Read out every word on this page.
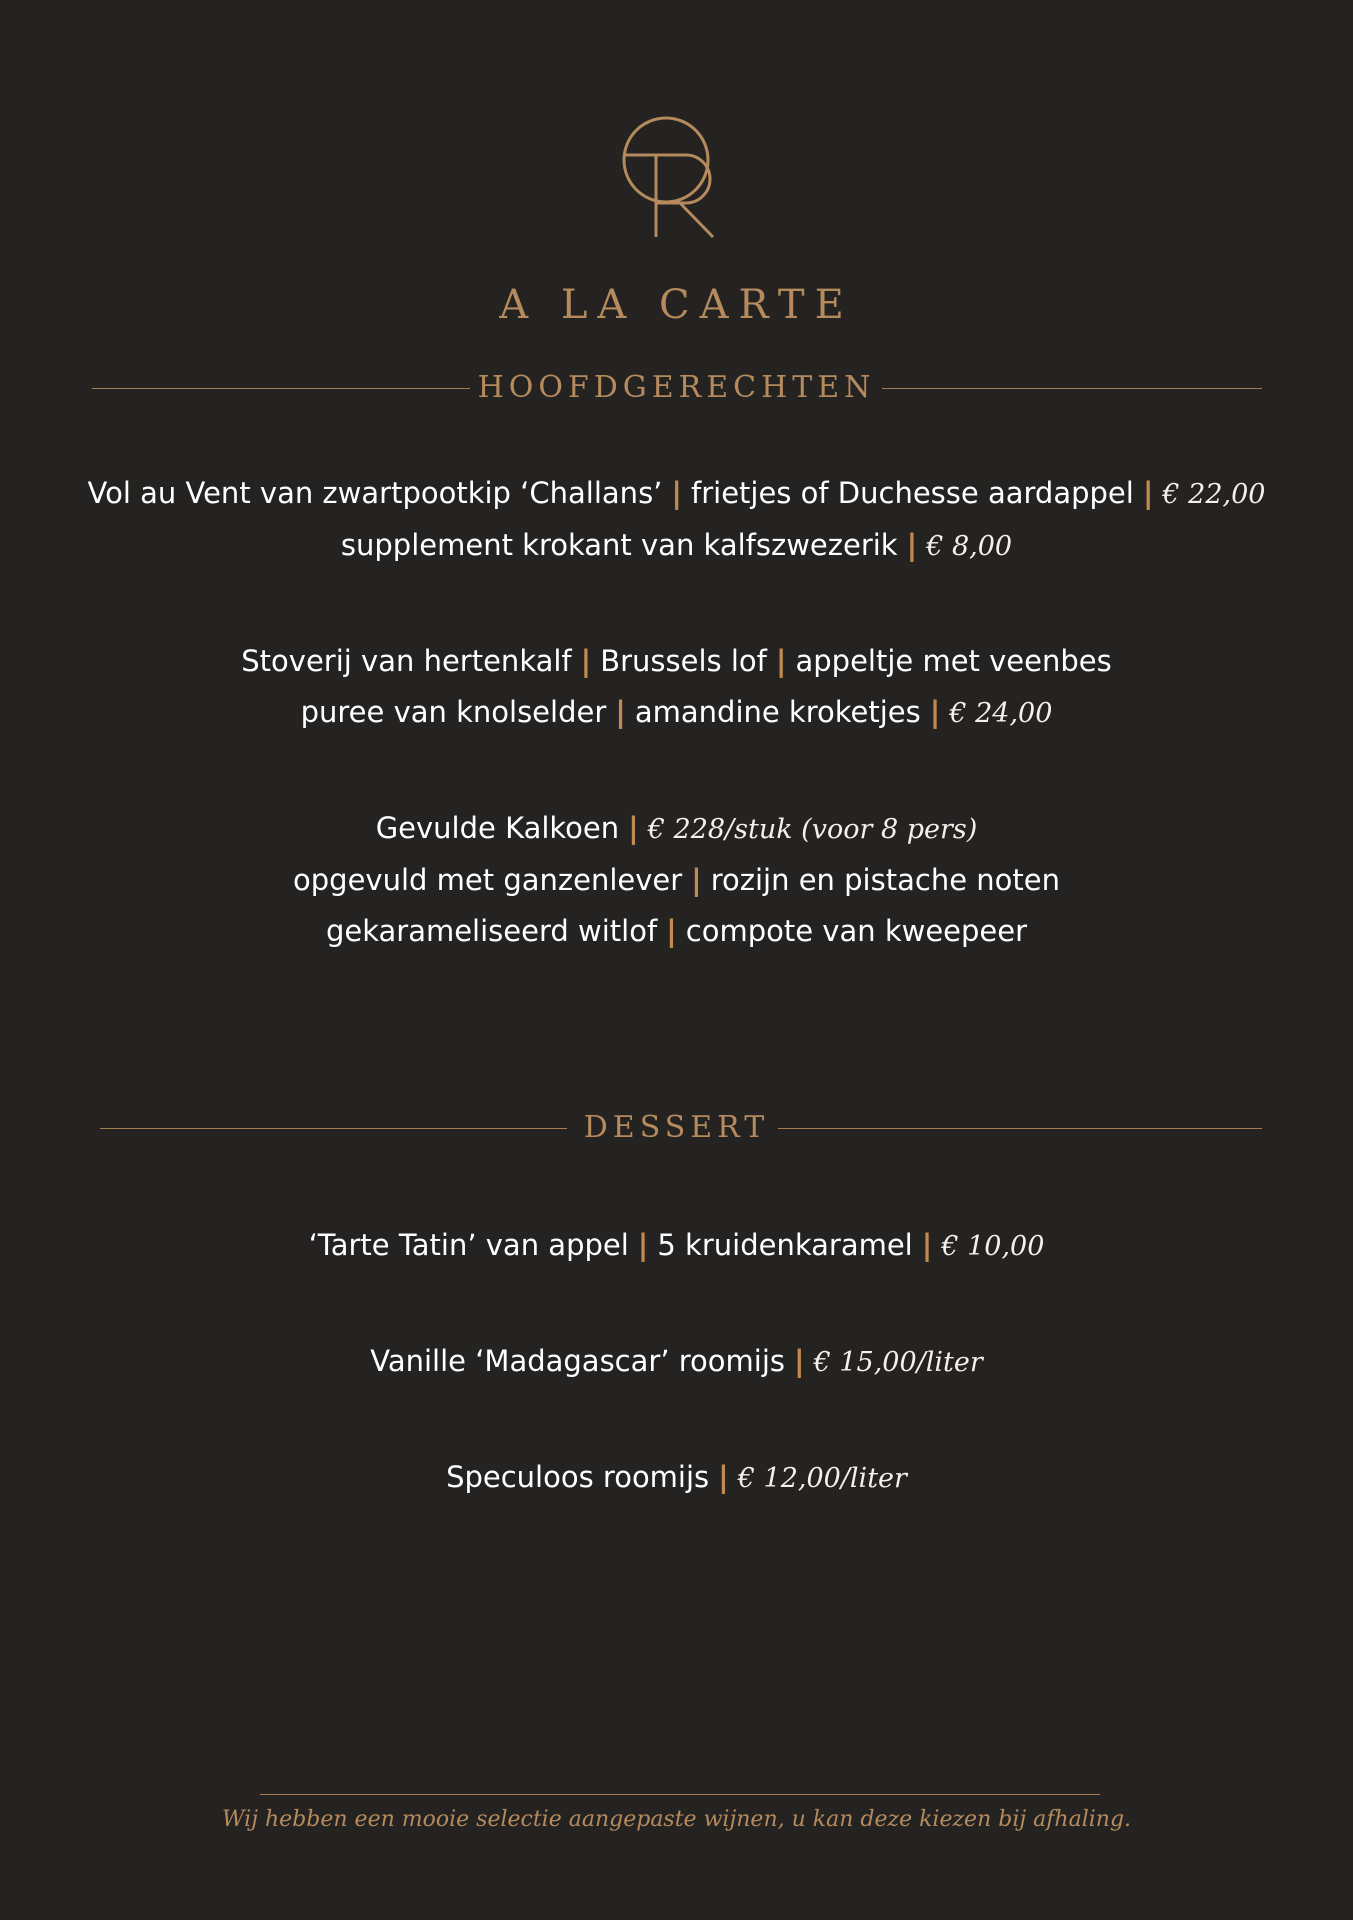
A LA CARTE
HOOFDGERECHTEN
Vol au Vent van zwartpootkip ‘Challans’ | frietjes of Duchesse aardappel | € 22,00
supplement krokant van kalfszwezerik | € 8,00
Stoverij van hertenkalf | Brussels lof | appeltje met veenbes
puree van knolselder | amandine kroketjes | € 24,00
Gevulde Kalkoen | € 228/stuk (voor 8 pers)
opgevuld met ganzenlever | rozijn en pistache noten
gekarameliseerd witlof | compote van kweepeer
DESSERT
‘Tarte Tatin’ van appel | 5 kruidenkaramel | € 10,00
Vanille ‘Madagascar’ roomijs | € 15,00/liter
Speculoos roomijs | € 12,00/liter
Wij hebben een mooie selectie aangepaste wijnen, u kan deze kiezen bij afhaling.
